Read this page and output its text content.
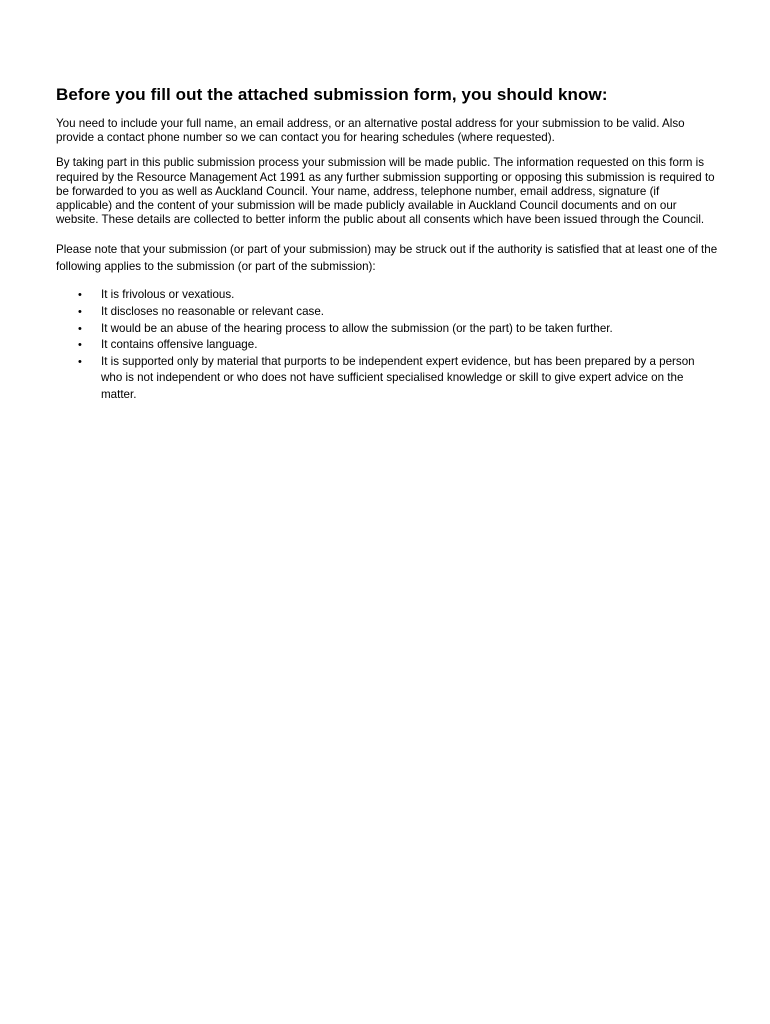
Before you fill out the attached submission form, you should know:

You need to include your full name, an email address, or an alternative postal address for your submission to be valid. Also provide a contact phone number so we can contact you for hearing schedules (where requested).

By taking part in this public submission process your submission will be made public. The information requested on this form is required by the Resource Management Act 1991 as any further submission supporting or opposing this submission is required to be forwarded to you as well as Auckland Council. Your name, address, telephone number, email address, signature (if applicable) and the content of your submission will be made publicly available in Auckland Council documents and on our website. These details are collected to better inform the public about all consents which have been issued through the Council.

Please note that your submission (or part of your submission) may be struck out if the authority is satisfied that at least one of the following applies to the submission (or part of the submission):

• It is frivolous or vexatious.
• It discloses no reasonable or relevant case.
• It would be an abuse of the hearing process to allow the submission (or the part) to be taken further.
• It contains offensive language.
• It is supported only by material that purports to be independent expert evidence, but has been prepared by a person who is not independent or who does not have sufficient specialised knowledge or skill to give expert advice on the matter.
